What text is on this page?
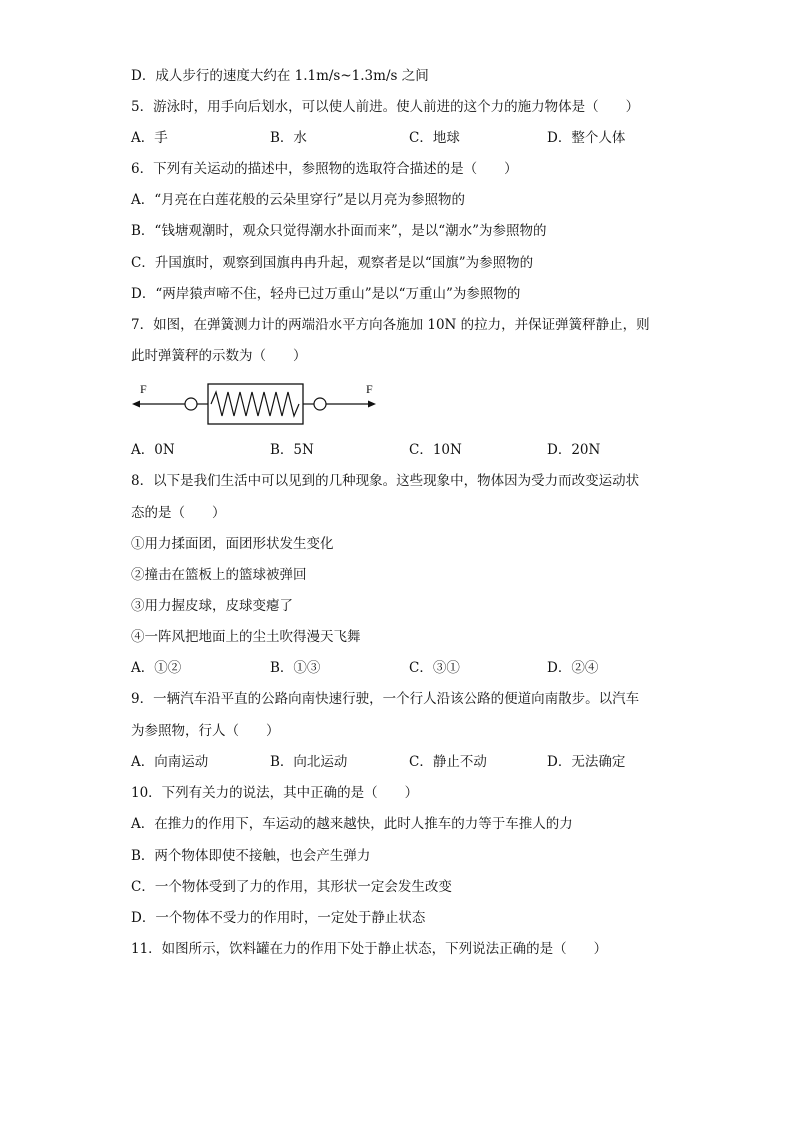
D．成人步行的速度大约在 1.1m/s~1.3m/s 之间
5．游泳时，用手向后划水，可以使人前进。使人前进的这个力的施力物体是（　　）
A．手	B．水	C．地球	D．整个人体
6．下列有关运动的描述中，参照物的选取符合描述的是（　　）
A．“月亮在白莲花般的云朵里穿行”是以月亮为参照物的
B．“钱塘观潮时，观众只觉得潮水扑面而来”，是以“潮水”为参照物的
C．升国旗时，观察到国旗冉冉升起，观察者是以“国旗”为参照物的
D．“两岸猿声啼不住，轻舟已过万重山”是以“万重山”为参照物的
7．如图，在弹簧测力计的两端沿水平方向各施加 10N 的拉力，并保证弹簧秤静止，则
此时弹簧秤的示数为（　　）
F	F
A．0N	B．5N	C．10N	D．20N
8．以下是我们生活中可以见到的几种现象。这些现象中，物体因为受力而改变运动状
态的是（　　）
①用力揉面团，面团形状发生变化
②撞击在篮板上的篮球被弹回
③用力握皮球，皮球变瘪了
④一阵风把地面上的尘土吹得漫天飞舞
A．①②	B．①③	C．③①	D．②④
9．一辆汽车沿平直的公路向南快速行驶，一个行人沿该公路的便道向南散步。以汽车
为参照物，行人（　　）
A．向南运动	B．向北运动	C．静止不动	D．无法确定
10．下列有关力的说法，其中正确的是（　　）
A．在推力的作用下，车运动的越来越快，此时人推车的力等于车推人的力
B．两个物体即使不接触，也会产生弹力
C．一个物体受到了力的作用，其形状一定会发生改变
D．一个物体不受力的作用时，一定处于静止状态
11．如图所示，饮料罐在力的作用下处于静止状态，下列说法正确的是（　　）
